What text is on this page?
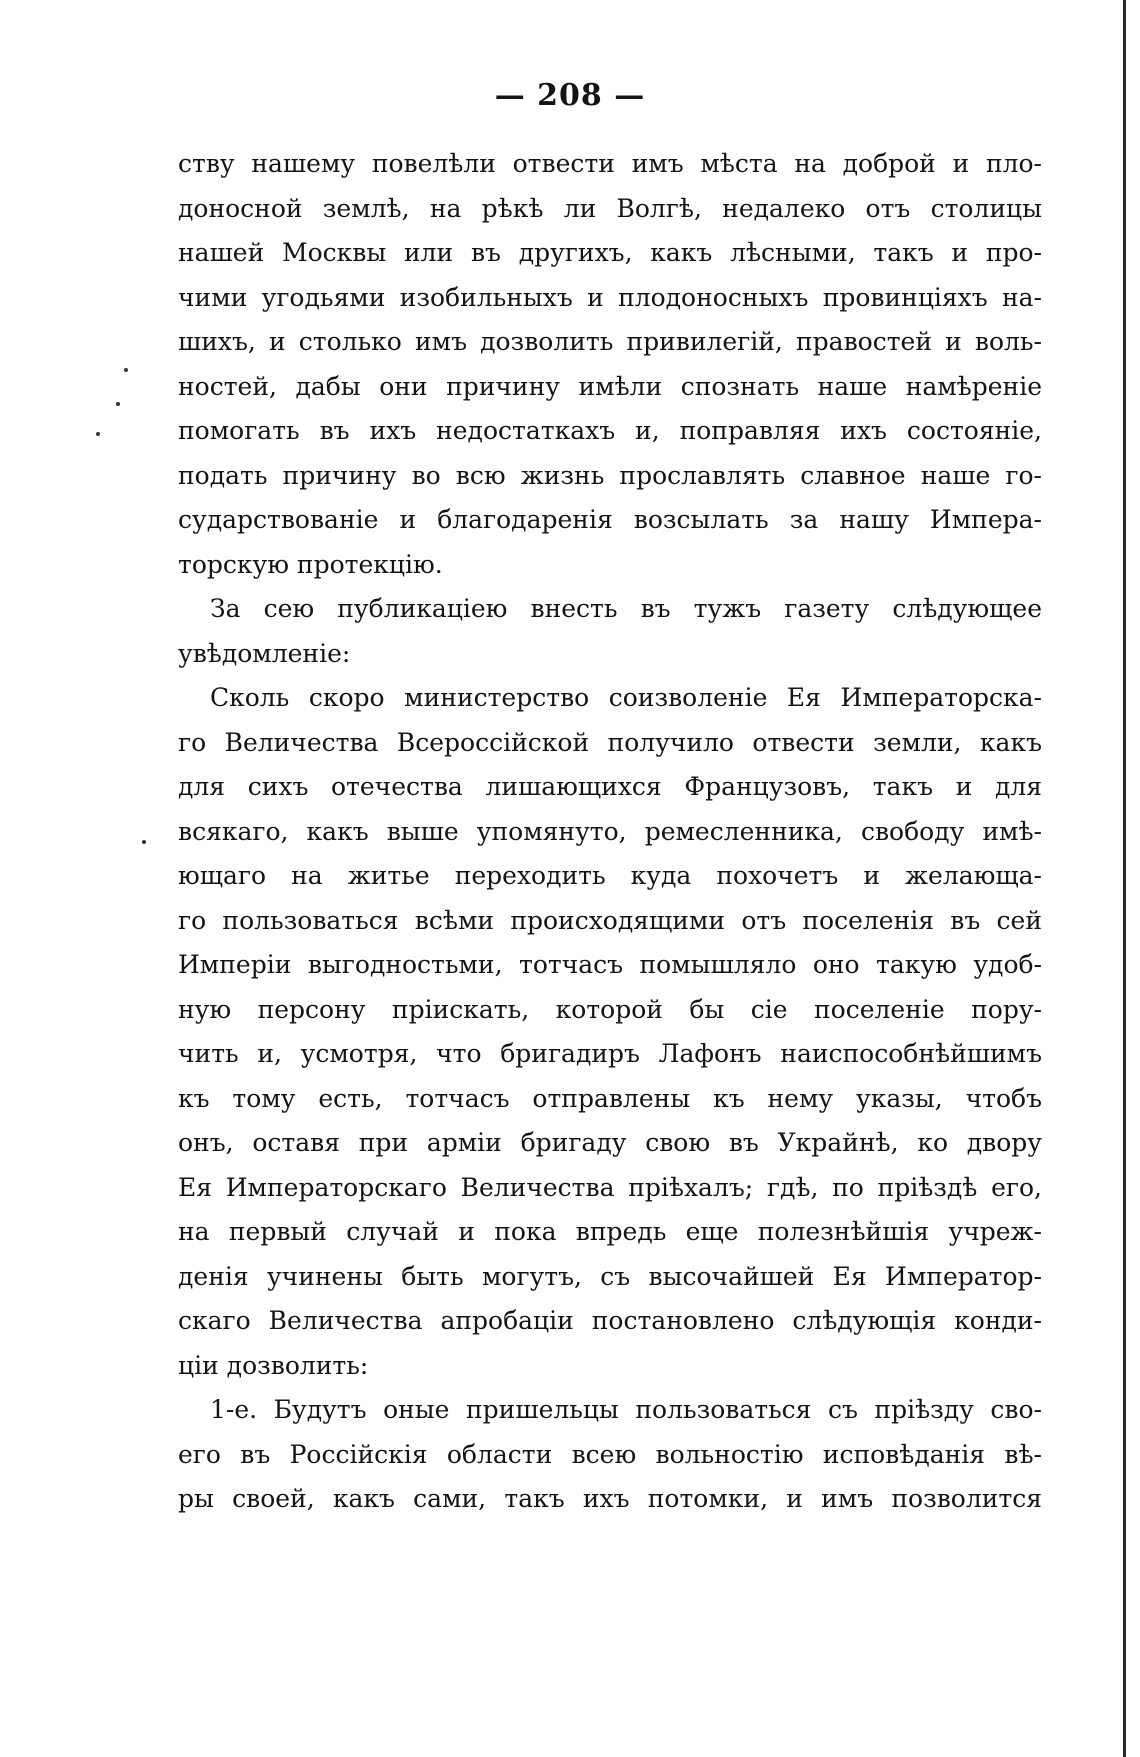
— 208 —
ству нашему повелѣли отвести имъ мѣста на доброй и пло-
доносной землѣ, на рѣкѣ ли Волгѣ, недалеко отъ столицы
нашей Москвы или въ другихъ, какъ лѣсными, такъ и про-
чими угодьями изобильныхъ и плодоносныхъ провинціяхъ на-
шихъ, и столько имъ дозволить привилегій, правостей и воль-
ностей, дабы они причину имѣли спознать наше намѣреніе
помогать въ ихъ недостаткахъ и, поправляя ихъ состояніе,
подать причину во всю жизнь прославлять славное наше го-
сударствованіе и благодаренія возсылать за нашу Импера-
торскую протекцію.
За сею публикаціею внесть въ тужъ газету слѣдующее
увѣдомленіе:
Сколь скоро министерство соизволеніе Ея Императорска-
го Величества Всероссійской получило отвести земли, какъ
для сихъ отечества лишающихся Французовъ, такъ и для
всякаго, какъ выше упомянуто, ремесленника, свободу имѣ-
ющаго на житье переходить куда похочетъ и желающа-
го пользоваться всѣми происходящими отъ поселенія въ сей
Имперіи выгодностьми, тотчасъ помышляло оно такую удоб-
ную персону пріискать, которой бы сіе поселеніе пору-
чить и, усмотря, что бригадиръ Лафонъ наиспособнѣйшимъ
къ тому есть, тотчасъ отправлены къ нему указы, чтобъ
онъ, оставя при арміи бригаду свою въ Украйнѣ, ко двору
Ея Императорскаго Величества пріѣхалъ; гдѣ, по пріѣздѣ его,
на первый случай и пока впредь еще полезнѣйшія учреж-
денія учинены быть могутъ, съ высочайшей Ея Император-
скаго Величества апробаціи постановлено слѣдующія конди-
ціи дозволить:
1-е. Будутъ оные пришельцы пользоваться съ пріѣзду сво-
его въ Россійскія области всею вольностію исповѣданія вѣ-
ры своей, какъ сами, такъ ихъ потомки, и имъ позволится
